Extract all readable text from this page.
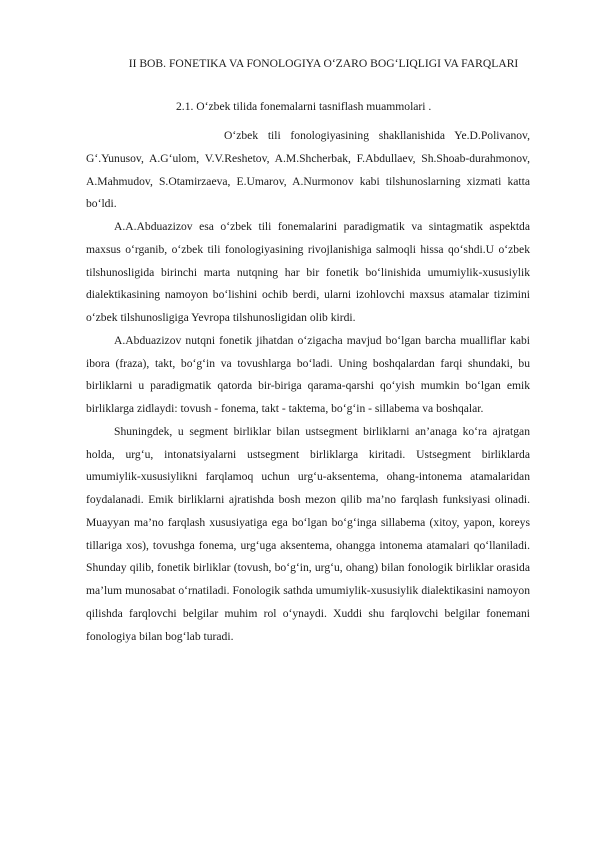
II BOB. FONETIKA VA FONOLOGIYA O‘ZARO BOG‘LIQLIGI VA FARQLARI
2.1. O‘zbek tilida fonemalarni tasniflash muammolari .

O‘zbek tili fonologiyasining shakllanishida Ye.D.Polivanov, G‘.Yunusov, A.G‘ulom, V.V.Reshetov, A.M.Shcherbak, F.Abdullaev, Sh.Shoab-durahmonov, A.Mahmudov, S.Otamirzaeva, E.Umarov, A.Nurmonov kabi tilshunoslarning xizmati katta bo‘ldi.

A.A.Abduazizov esa o‘zbek tili fonemalarini paradigmatik va sintagmatik aspektda maxsus o‘rganib, o‘zbek tili fonologiyasining rivojlanishiga salmoqli hissa qo‘shdi.U o‘zbek tilshunosligida birinchi marta nutqning har bir fonetik bo‘linishida umumiylik-xususiylik dialektikasining namoyon bo‘lishini ochib berdi, ularni izohlovchi maxsus atamalar tizimini o‘zbek tilshunosligiga Yevropa tilshunosligidan olib kirdi.

A.Abduazizov nutqni fonetik jihatdan o‘zigacha mavjud bo‘lgan barcha mualliflar kabi ibora (fraza), takt, bo‘g‘in va tovushlarga bo‘ladi. Uning boshqalardan farqi shundaki, bu birliklarni u paradigmatik qatorda bir-biriga qarama-qarshi qo‘yish mumkin bo‘lgan emik birliklarga zidlaydi: tovush - fonema, takt - taktema, bo‘g‘in - sillabema va boshqalar.

Shuningdek, u segment birliklar bilan ustsegment birliklarni an’anaga ko‘ra ajratgan holda, urg‘u, intonatsiyalarni ustsegment birliklarga kiritadi. Ustsegment birliklarda umumiylik-xususiylikni farqlamoq uchun urg‘u-aksentema, ohang-intonema atamalaridan foydalanadi. Emik birliklarni ajratishda bosh mezon qilib ma’no farqlash funksiyasi olinadi. Muayyan ma’no farqlash xususiyatiga ega bo‘lgan bo‘g‘inga sillabema (xitoy, yapon, koreys tillariga xos), tovushga fonema, urg‘uga aksentema, ohangga intonema atamalari qo‘llaniladi. Shunday qilib, fonetik birliklar (tovush, bo‘g‘in, urg‘u, ohang) bilan fonologik birliklar orasida ma’lum munosabat o‘rnatiladi. Fonologik sathda umumiylik-xususiylik dialektikasini namoyon qilishda farqlovchi belgilar muhim rol o‘ynaydi. Xuddi shu farqlovchi belgilar fonemani fonologiya bilan bog‘lab turadi.
